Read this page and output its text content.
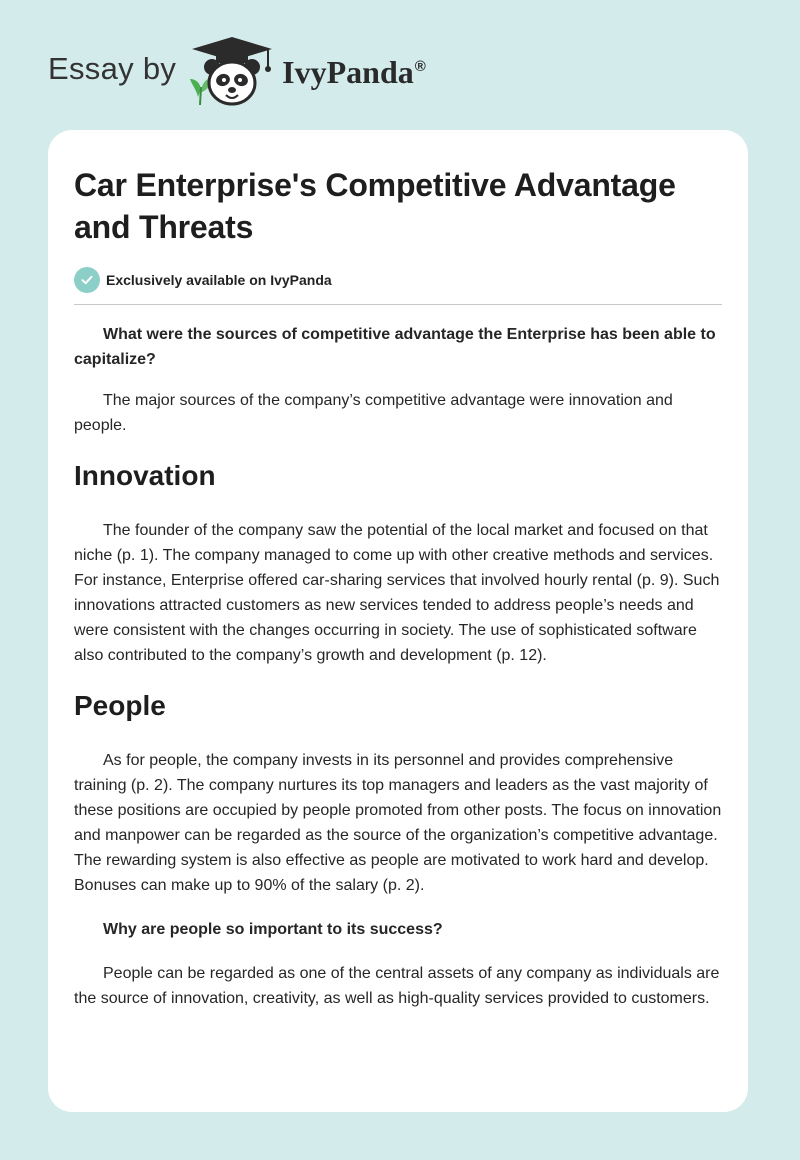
Essay by	IvyPanda®
Car Enterprise's Competitive Advantage and Threats
Exclusively available on IvyPanda

What were the sources of competitive advantage the Enterprise has been able to capitalize?

The major sources of the company’s competitive advantage were innovation and people.

Innovation

The founder of the company saw the potential of the local market and focused on that niche (p. 1). The company managed to come up with other creative methods and services. For instance, Enterprise offered car-sharing services that involved hourly rental (p. 9). Such innovations attracted customers as new services tended to address people’s needs and were consistent with the changes occurring in society. The use of sophisticated software also contributed to the company’s growth and development (p. 12).

People

As for people, the company invests in its personnel and provides comprehensive training (p. 2). The company nurtures its top managers and leaders as the vast majority of these positions are occupied by people promoted from other posts. The focus on innovation and manpower can be regarded as the source of the organization’s competitive advantage. The rewarding system is also effective as people are motivated to work hard and develop. Bonuses can make up to 90% of the salary (p. 2).

Why are people so important to its success?

People can be regarded as one of the central assets of any company as individuals are the source of innovation, creativity, as well as high-quality services provided to customers.
